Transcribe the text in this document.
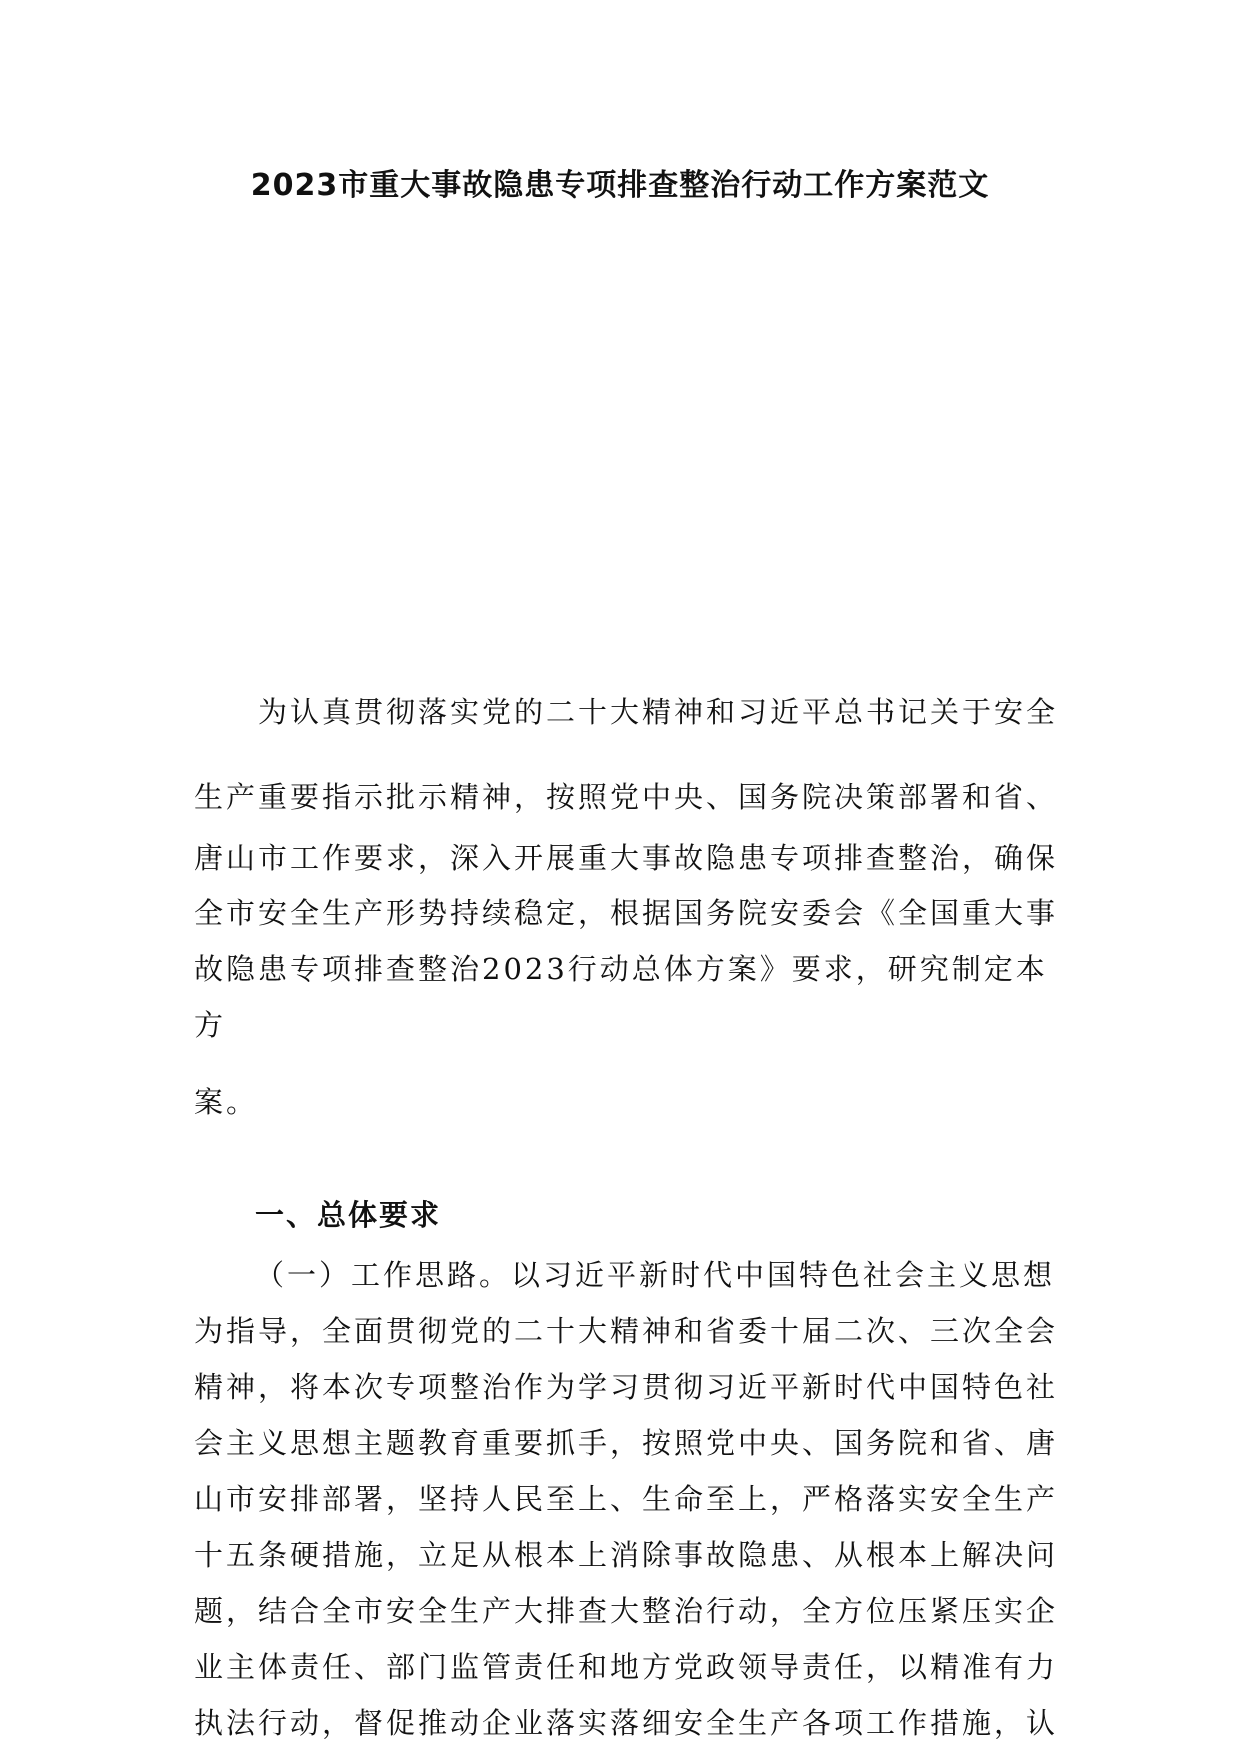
2023市重大事故隐患专项排查整治行动工作方案范文

为认真贯彻落实党的二十大精神和习近平总书记关于安全

生产重要指示批示精神，按照党中央、国务院决策部署和省、

唐山市工作要求，深入开展重大事故隐患专项排查整治，确保

全市安全生产形势持续稳定，根据国务院安委会《全国重大事

故隐患专项排查整治2023行动总体方案》要求，研究制定本

方

案。

一、总体要求

（一）工作思路。以习近平新时代中国特色社会主义思想

为指导，全面贯彻党的二十大精神和省委十届二次、三次全会

精神，将本次专项整治作为学习贯彻习近平新时代中国特色社

会主义思想主题教育重要抓手，按照党中央、国务院和省、唐

山市安排部署，坚持人民至上、生命至上，严格落实安全生产

十五条硬措施，立足从根本上消除事故隐患、从根本上解决问

题，结合全市安全生产大排查大整治行动，全方位压紧压实企

业主体责任、部门监管责任和地方党政领导责任，以精准有力

执法行动，督促推动企业落实落细安全生产各项工作措施，认
